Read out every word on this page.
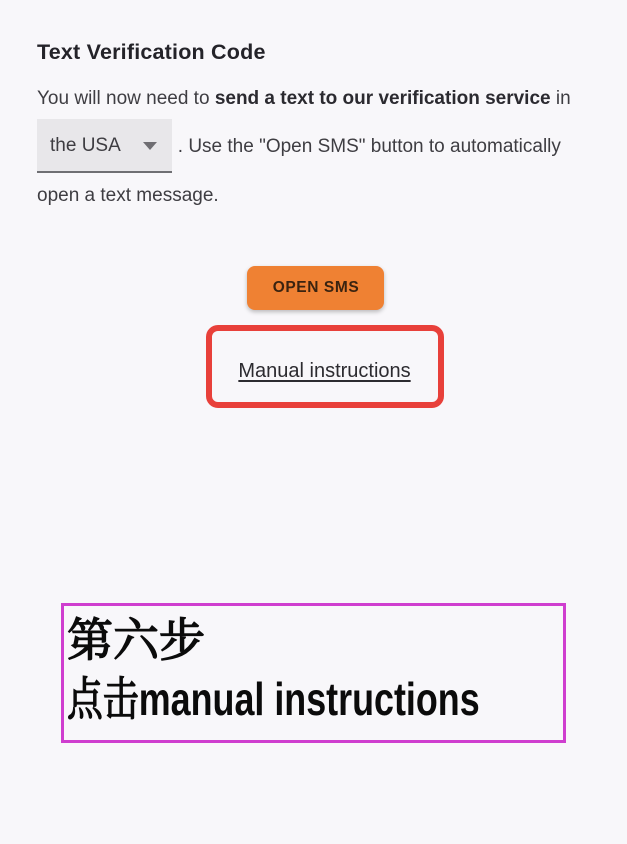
Text Verification Code

You will now need to send a text to our verification service in

the USA	. Use the "Open SMS" button to automatically
open a text message.

OPEN SMS
Manual instructions
第六步
点击manual instructions
